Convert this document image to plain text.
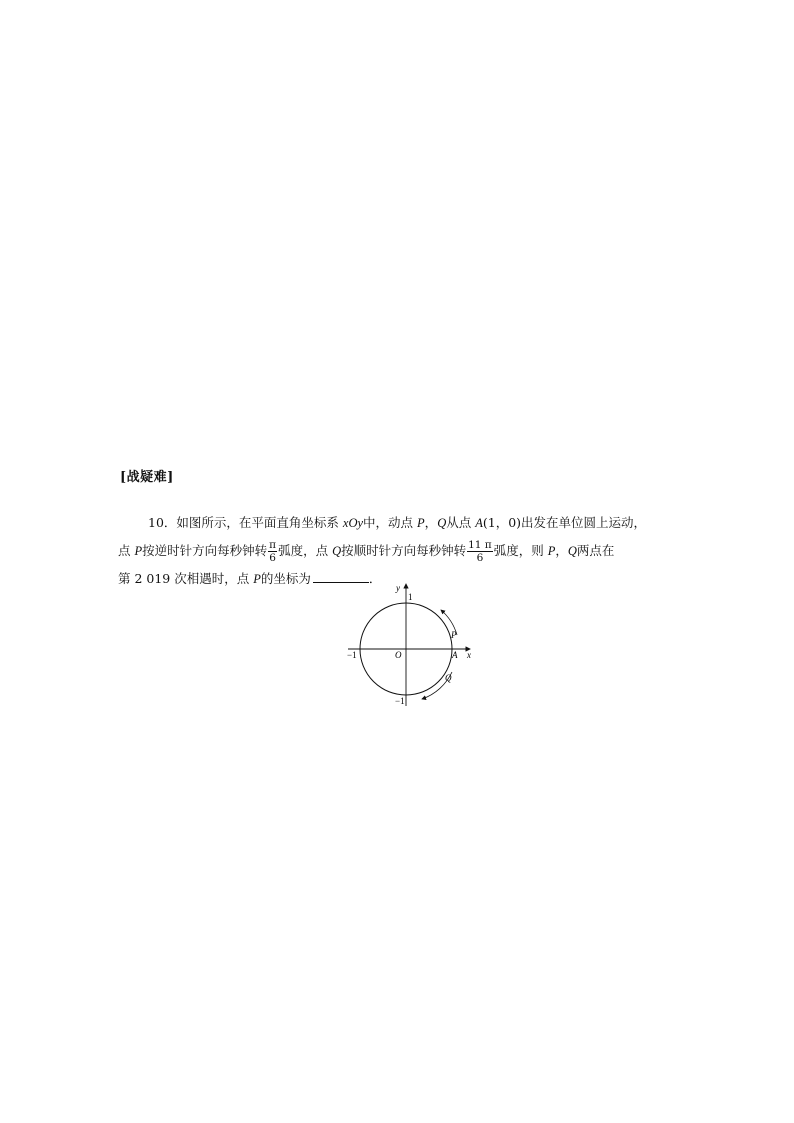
[战疑难]
10．如图所示，在平面直角坐标系 xOy中，动点 P，Q从点 A(1，0)出发在单位圆上运动，
点 P按逆时针方向每秒钟转 $\frac{\pi}{6}$ 弧度，点 Q按顺时针方向每秒钟转 $\frac{11 \pi}{6}$ 弧度，则 P，Q两点在
第 2 019 次相遇时，点 P的坐标为	．
y
x
1
−1	O	A
−1
P
Q
